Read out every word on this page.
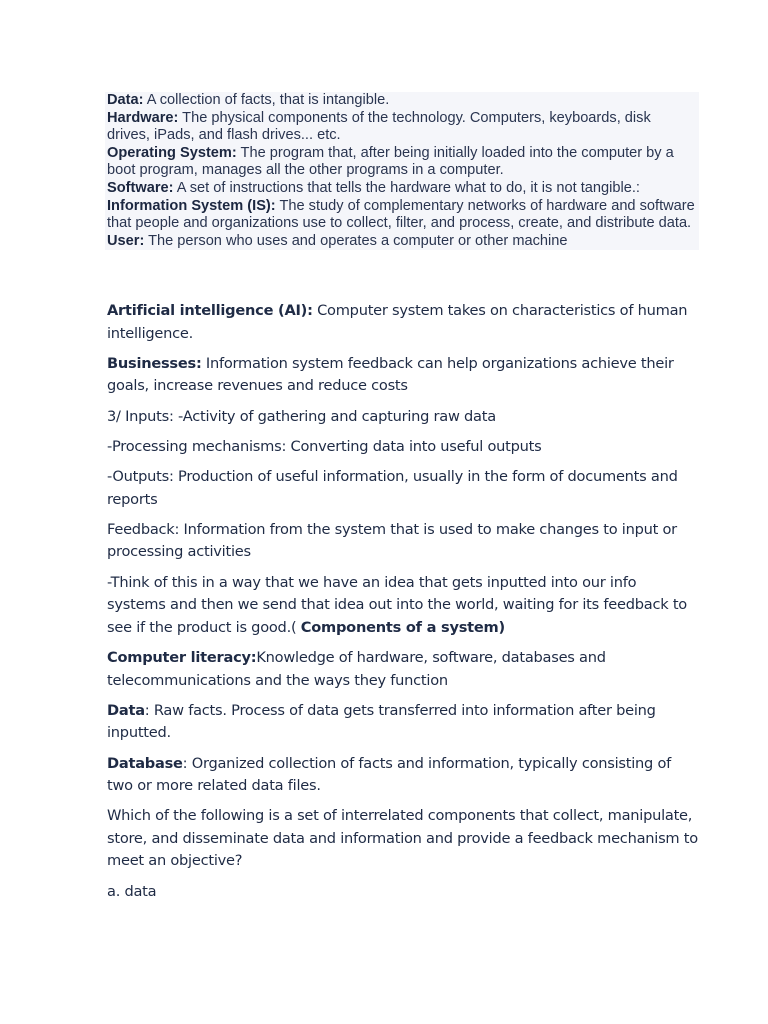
Data: A collection of facts, that is intangible.

Hardware: The physical components of the technology. Computers, keyboards, disk drives, iPads, and flash drives... etc.

Operating System: The program that, after being initially loaded into the computer by a boot program, manages all the other programs in a computer.

Software: A set of instructions that tells the hardware what to do, it is not tangible.:

Information System (IS): The study of complementary networks of hardware and software that people and organizations use to collect, filter, and process, create, and distribute data.

User: The person who uses and operates a computer or other machine

Artificial intelligence (AI): Computer system takes on characteristics of human intelligence.

Businesses: Information system feedback can help organizations achieve their goals, increase revenues and reduce costs

3/ Inputs: -Activity of gathering and capturing raw data

-Processing mechanisms: Converting data into useful outputs

-Outputs: Production of useful information, usually in the form of documents and reports

Feedback: Information from the system that is used to make changes to input or processing activities

-Think of this in a way that we have an idea that gets inputted into our info systems and then we send that idea out into the world, waiting for its feedback to see if the product is good.( Components of a system)

Computer literacy:Knowledge of hardware, software, databases and telecommunications and the ways they function

Data: Raw facts. Process of data gets transferred into information after being inputted.

Database: Organized collection of facts and information, typically consisting of two or more related data files.

Which of the following is a set of interrelated components that collect, manipulate, store, and disseminate data and information and provide a feedback mechanism to meet an objective?

a. data
